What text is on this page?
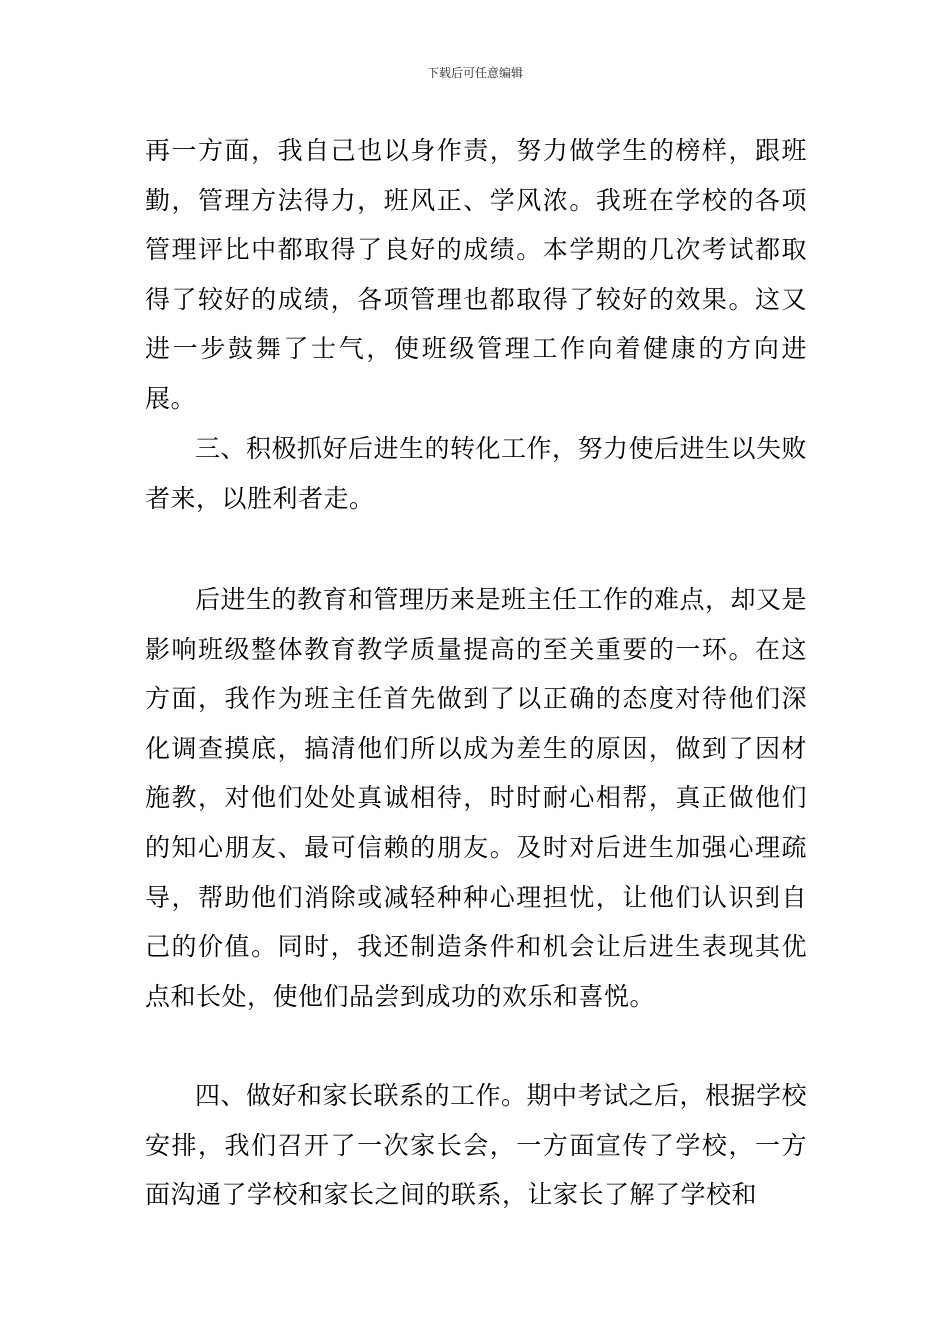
下载后可任意编辑

再一方面，我自己也以身作责，努力做学生的榜样，跟班勤，管理方法得力，班风正、学风浓。我班在学校的各项管理评比中都取得了良好的成绩。本学期的几次考试都取得了较好的成绩，各项管理也都取得了较好的效果。这又进一步鼓舞了士气，使班级管理工作向着健康的方向进展。

三、积极抓好后进生的转化工作，努力使后进生以失败者来，以胜利者走。

后进生的教育和管理历来是班主任工作的难点，却又是影响班级整体教育教学质量提高的至关重要的一环。在这方面，我作为班主任首先做到了以正确的态度对待他们深化调查摸底，搞清他们所以成为差生的原因，做到了因材施教，对他们处处真诚相待，时时耐心相帮，真正做他们的知心朋友、最可信赖的朋友。及时对后进生加强心理疏导，帮助他们消除或减轻种种心理担忧，让他们认识到自己的价值。同时，我还制造条件和机会让后进生表现其优点和长处，使他们品尝到成功的欢乐和喜悦。

四、做好和家长联系的工作。期中考试之后，根据学校安排，我们召开了一次家长会，一方面宣传了学校，一方面沟通了学校和家长之间的联系，让家长了解了学校和
